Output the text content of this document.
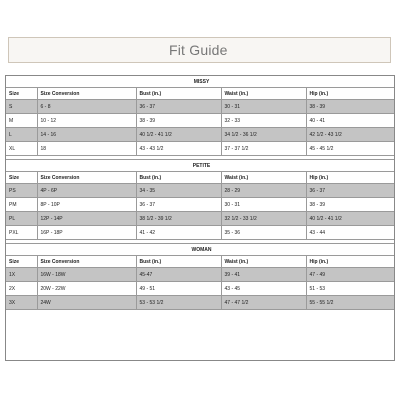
Fit Guide
MISSY				
Size	Size Conversion	Bust (in.)	Waist (in.)	Hip (in.)
S	6 - 8	36 - 37	30 - 31	38 - 39
M	10 - 12	38 - 39	32 - 33	40 - 41
L	14 - 16	40 1/2 - 41 1/2	34 1/2 - 36 1/2	42 1/2 - 43 1/2
XL	18	43 - 43 1/2	37 - 37 1/2	45 - 45 1/2

PETITE				
Size	Size Conversion	Bust (in.)	Waist (in.)	Hip (in.)
PS	4P - 6P	34 - 35	28 - 29	36 - 37
PM	8P - 10P	36 - 37	30 - 31	38 - 39
PL	12P - 14P	38 1/2 - 39 1/2	32 1/2 - 33 1/2	40 1/2 - 41 1/2
PXL	16P - 18P	41 - 42	35 - 36	43 - 44

WOMAN				
Size	Size Conversion	Bust (in.)	Waist (in.)	Hip (in.)
1X	16W - 18W	45-47	39 - 41	47 - 49
2X	20W - 22W	49 - 51	43 - 45	51 - 53
3X	24W	53 - 53 1/2	47 - 47 1/2	55 - 55 1/2
